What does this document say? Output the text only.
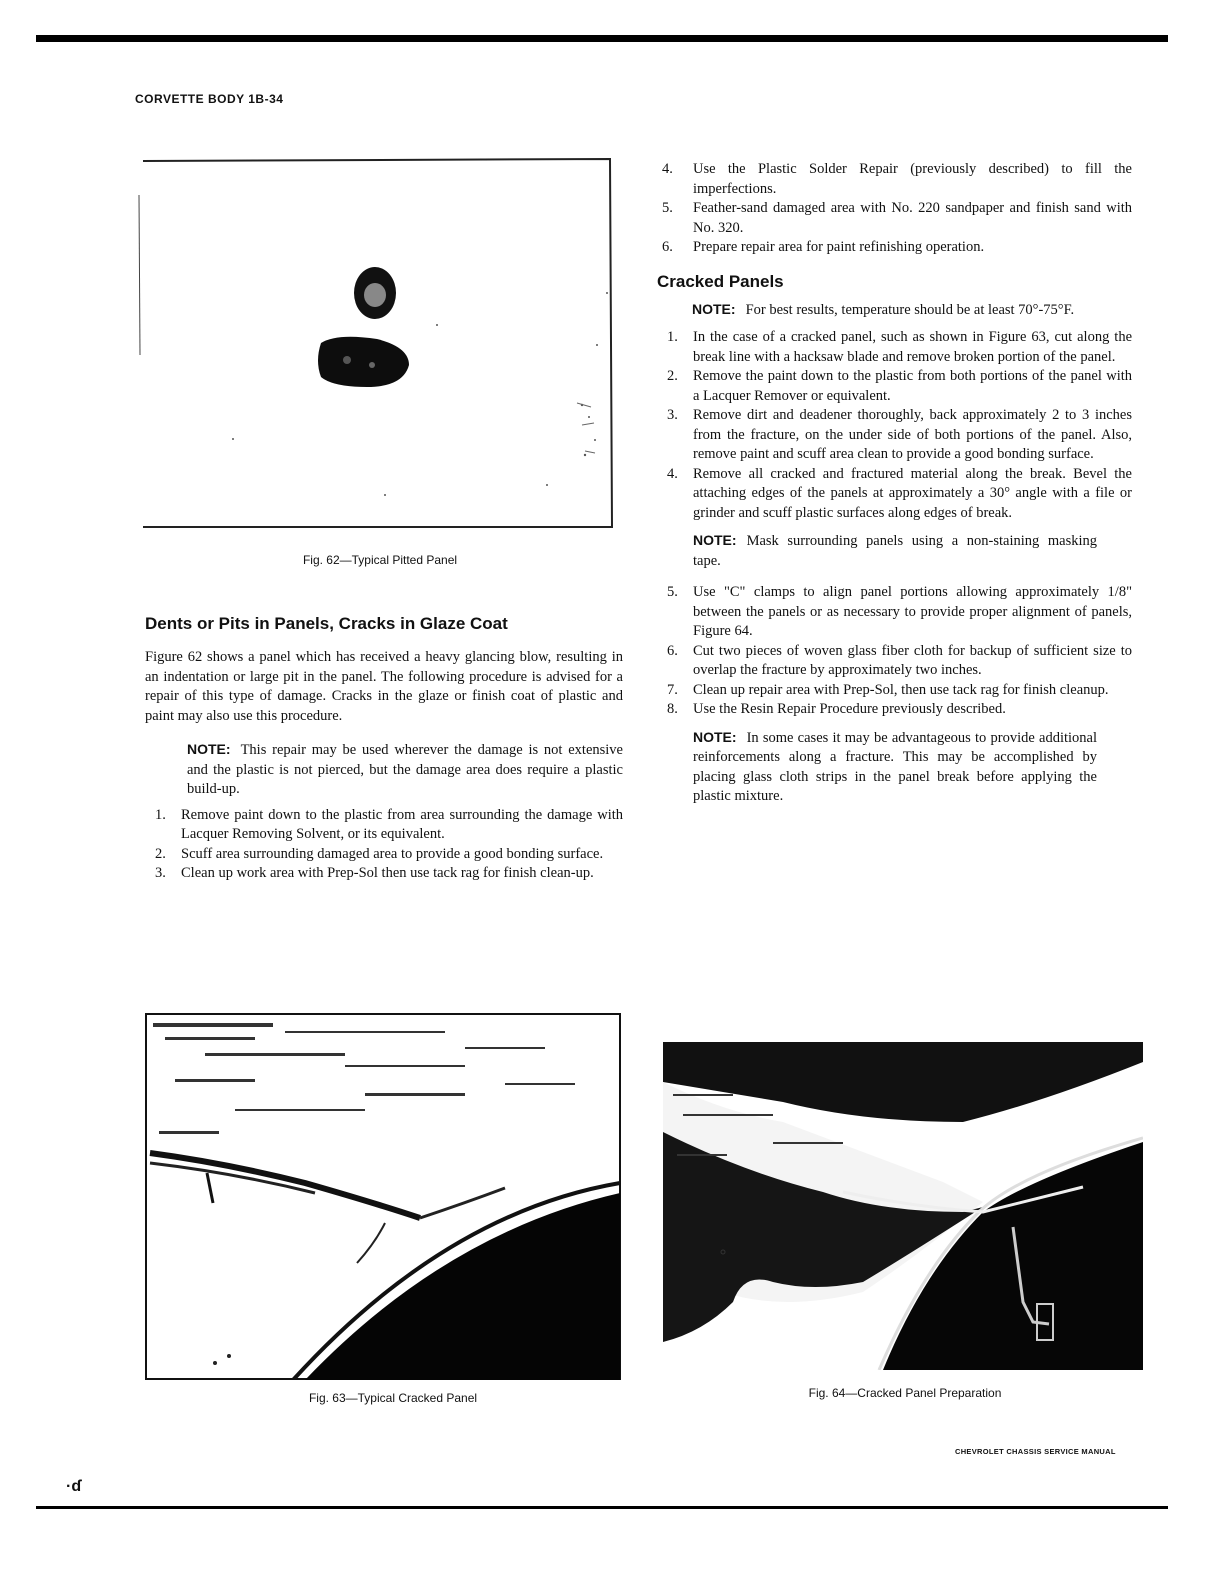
CORVETTE BODY 1B-34
Fig. 62—Typical Pitted Panel
Dents or Pits in Panels, Cracks in Glaze Coat

Figure 62 shows a panel which has received a heavy glancing blow, resulting in an indentation or large pit in the panel. The following procedure is advised for a repair of this type of damage. Cracks in the glaze or finish coat of plastic and paint may also use this procedure.

NOTE: This repair may be used wherever the damage is not extensive and the plastic is not pierced, but the damage area does require a plastic build-up.
1. Remove paint down to the plastic from area surrounding the damage with Lacquer Removing Solvent, or its equivalent.
2. Scuff area surrounding damaged area to provide a good bonding surface.
3. Clean up work area with Prep-Sol then use tack rag for finish clean-up.
Fig. 63—Typical Cracked Panel
4. Use the Plastic Solder Repair (previously described) to fill the imperfections.
5. Feather-sand damaged area with No. 220 sandpaper and finish sand with No. 320.
6. Prepare repair area for paint refinishing operation.
Cracked Panels
NOTE: For best results, temperature should be at least 70°-75°F.
1. In the case of a cracked panel, such as shown in Figure 63, cut along the break line with a hacksaw blade and remove broken portion of the panel.
2. Remove the paint down to the plastic from both portions of the panel with a Lacquer Remover or equivalent.
3. Remove dirt and deadener thoroughly, back approximately 2 to 3 inches from the fracture, on the under side of both portions of the panel. Also, remove paint and scuff area clean to provide a good bonding surface.
4. Remove all cracked and fractured material along the break. Bevel the attaching edges of the panels at approximately a 30° angle with a file or grinder and scuff plastic surfaces along edges of break.
NOTE: Mask surrounding panels using a non-staining masking tape.
5. Use "C" clamps to align panel portions allowing approximately 1/8" between the panels or as necessary to provide proper alignment of panels, Figure 64.
6. Cut two pieces of woven glass fiber cloth for backup of sufficient size to overlap the fracture by approximately two inches.
7. Clean up repair area with Prep-Sol, then use tack rag for finish cleanup.
8. Use the Resin Repair Procedure previously described.
NOTE: In some cases it may be advantageous to provide additional reinforcements along a fracture. This may be accomplished by placing glass cloth strips in the panel break before applying the plastic mixture.
Fig. 64—Cracked Panel Preparation
CHEVROLET CHASSIS SERVICE MANUAL
·ɗ
